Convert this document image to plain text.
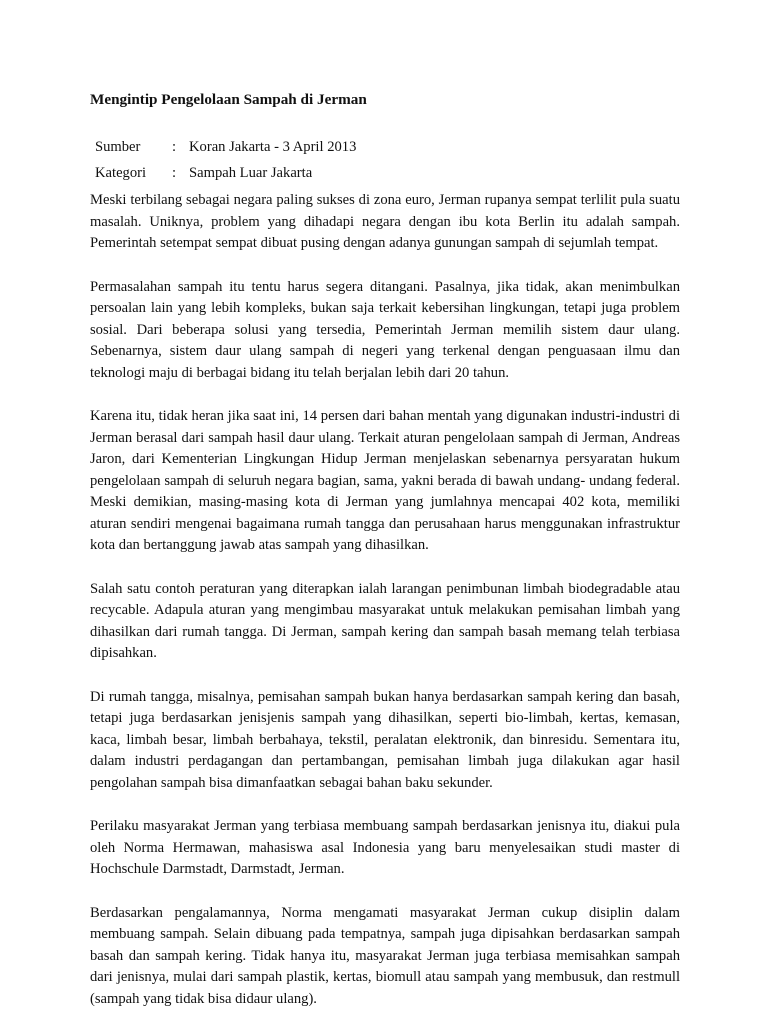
Mengintip Pengelolaan Sampah di Jerman
Sumber	: Koran Jakarta - 3 April 2013
Kategori	: Sampah Luar Jakarta

Meski terbilang sebagai negara paling sukses di zona euro, Jerman rupanya sempat terlilit pula suatu masalah. Uniknya, problem yang dihadapi negara dengan ibu kota Berlin itu adalah sampah. Pemerintah setempat sempat dibuat pusing dengan adanya gunungan sampah di sejumlah tempat.

Permasalahan sampah itu tentu harus segera ditangani. Pasalnya, jika tidak, akan menimbulkan persoalan lain yang lebih kompleks, bukan saja terkait kebersihan lingkungan, tetapi juga problem sosial. Dari beberapa solusi yang tersedia, Pemerintah Jerman memilih sistem daur ulang. Sebenarnya, sistem daur ulang sampah di negeri yang terkenal dengan penguasaan ilmu dan teknologi maju di berbagai bidang itu telah berjalan lebih dari 20 tahun.

Karena itu, tidak heran jika saat ini, 14 persen dari bahan mentah yang digunakan industri-industri di Jerman berasal dari sampah hasil daur ulang. Terkait aturan pengelolaan sampah di Jerman, Andreas Jaron, dari Kementerian Lingkungan Hidup Jerman menjelaskan sebenarnya persyaratan hukum pengelolaan sampah di seluruh negara bagian, sama, yakni berada di bawah undang- undang federal. Meski demikian, masing-masing kota di Jerman yang jumlahnya mencapai 402 kota, memiliki aturan sendiri mengenai bagaimana rumah tangga dan perusahaan harus menggunakan infrastruktur kota dan bertanggung jawab atas sampah yang dihasilkan.

Salah satu contoh peraturan yang diterapkan ialah larangan penimbunan limbah biodegradable atau recycable. Adapula aturan yang mengimbau masyarakat untuk melakukan pemisahan limbah yang dihasilkan dari rumah tangga. Di Jerman, sampah kering dan sampah basah memang telah terbiasa dipisahkan.

Di rumah tangga, misalnya, pemisahan sampah bukan hanya berdasarkan sampah kering dan basah, tetapi juga berdasarkan jenisjenis sampah yang dihasilkan, seperti bio-limbah, kertas, kemasan, kaca, limbah besar, limbah berbahaya, tekstil, peralatan elektronik, dan binresidu. Sementara itu, dalam industri perdagangan dan pertambangan, pemisahan limbah juga dilakukan agar hasil pengolahan sampah bisa dimanfaatkan sebagai bahan baku sekunder.

Perilaku masyarakat Jerman yang terbiasa membuang sampah berdasarkan jenisnya itu, diakui pula oleh Norma Hermawan, mahasiswa asal Indonesia yang baru menyelesaikan studi master di Hochschule Darmstadt, Darmstadt, Jerman.

Berdasarkan pengalamannya, Norma mengamati masyarakat Jerman cukup disiplin dalam membuang sampah. Selain dibuang pada tempatnya, sampah juga dipisahkan berdasarkan sampah basah dan sampah kering. Tidak hanya itu, masyarakat Jerman juga terbiasa memisahkan sampah dari jenisnya, mulai dari sampah plastik, kertas, biomull atau sampah yang membusuk, dan restmull (sampah yang tidak bisa didaur ulang).
